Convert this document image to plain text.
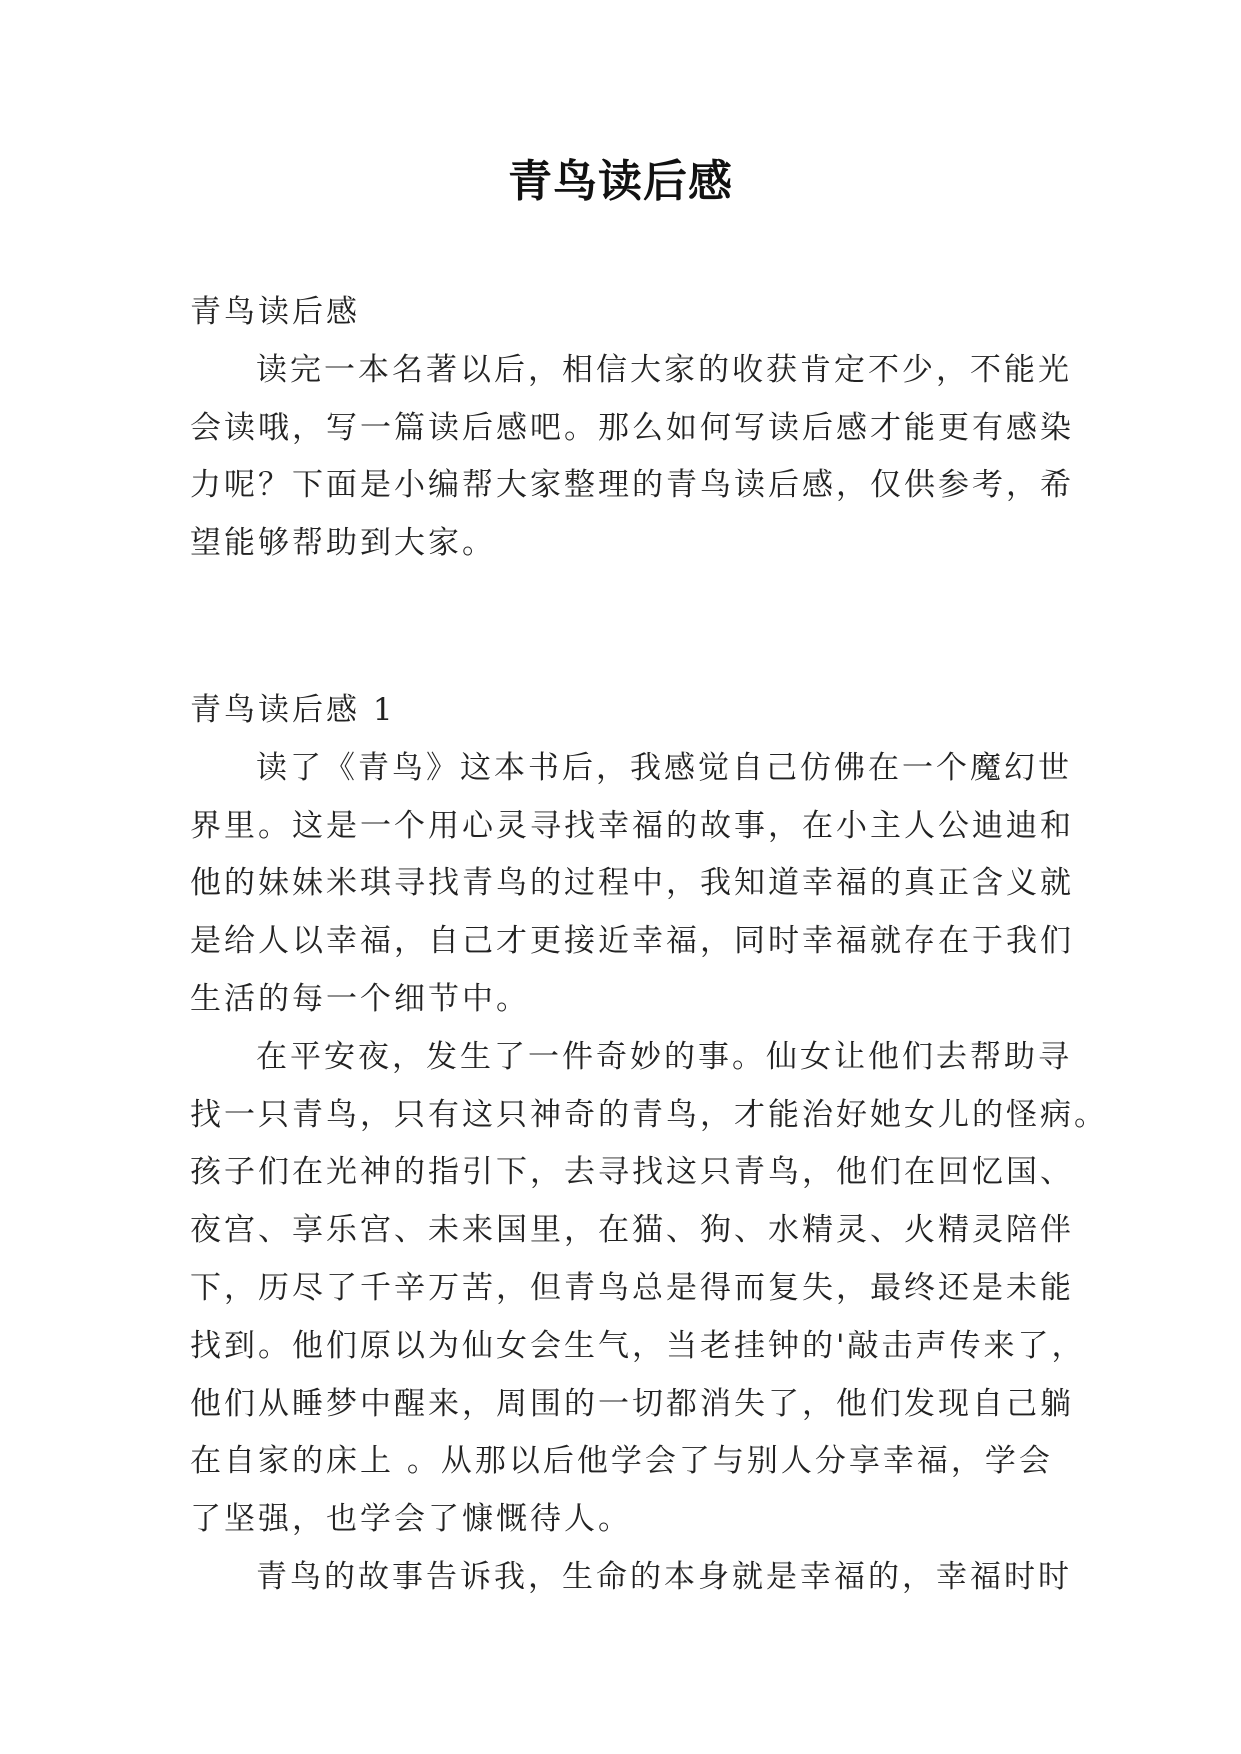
青鸟读后感
青鸟读后感
读完一本名著以后，相信大家的收获肯定不少，不能光
会读哦，写一篇读后感吧。那么如何写读后感才能更有感染
力呢？下面是小编帮大家整理的青鸟读后感，仅供参考，希
望能够帮助到大家。
青鸟读后感 1
读了《青鸟》这本书后，我感觉自己仿佛在一个魔幻世
界里。这是一个用心灵寻找幸福的故事，在小主人公迪迪和
他的妹妹米琪寻找青鸟的过程中，我知道幸福的真正含义就
是给人以幸福，自己才更接近幸福，同时幸福就存在于我们
生活的每一个细节中。
在平安夜，发生了一件奇妙的事。仙女让他们去帮助寻
找一只青鸟，只有这只神奇的青鸟，才能治好她女儿的怪病。
孩子们在光神的指引下，去寻找这只青鸟，他们在回忆国、
夜宫、享乐宫、未来国里，在猫、狗、水精灵、火精灵陪伴
下，历尽了千辛万苦，但青鸟总是得而复失，最终还是未能
找到。他们原以为仙女会生气，当老挂钟的'敲击声传来了，
他们从睡梦中醒来，周围的一切都消失了，他们发现自己躺
在自家的床上 。从那以后他学会了与别人分享幸福，学会
了坚强，也学会了慷慨待人。
青鸟的故事告诉我，生命的本身就是幸福的，幸福时时
